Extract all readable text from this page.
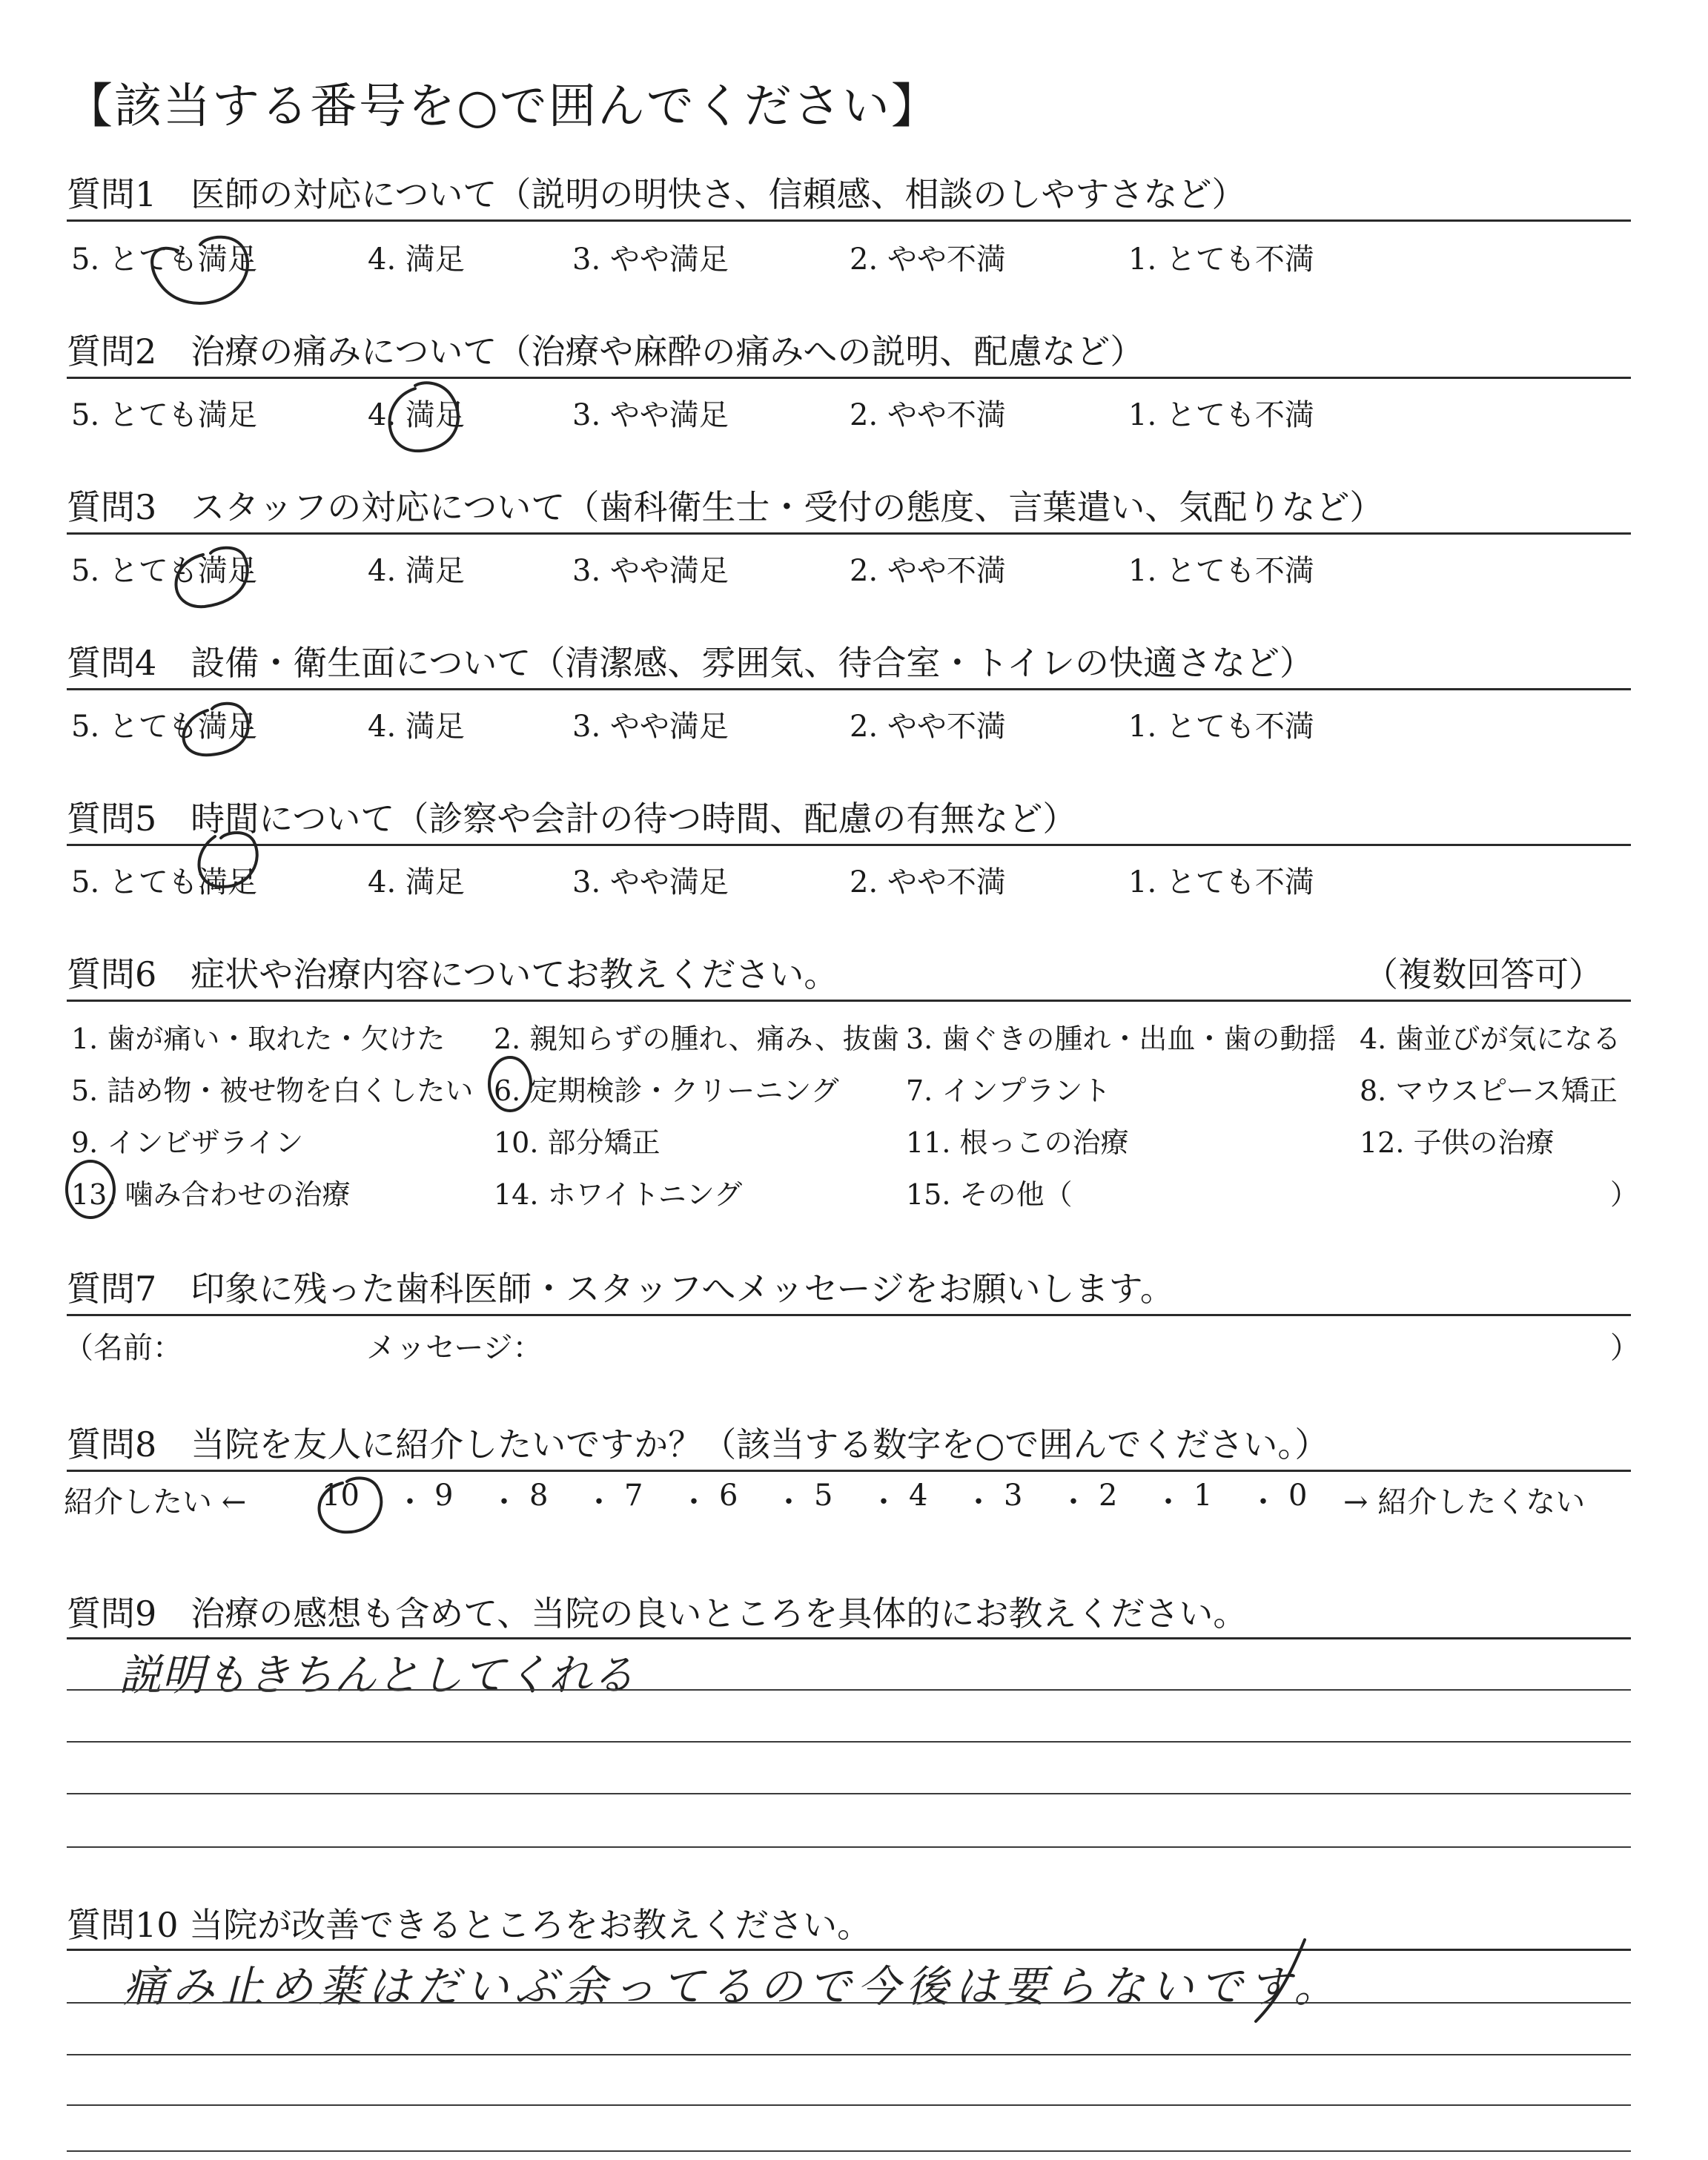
【該当する番号を○で囲んでください】
質問1　医師の対応について（説明の明快さ、信頼感、相談のしやすさなど）
5. とても満足	4. 満足	3. やや満足	2. やや不満	1. とても不満
質問2　治療の痛みについて（治療や麻酔の痛みへの説明、配慮など）
5. とても満足	4. 満足	3. やや満足	2. やや不満	1. とても不満
質問3　スタッフの対応について（歯科衛生士・受付の態度、言葉遣い、気配りなど）
5. とても満足	4. 満足	3. やや満足	2. やや不満	1. とても不満
質問4　設備・衛生面について（清潔感、雰囲気、待合室・トイレの快適さなど）
5. とても満足	4. 満足	3. やや満足	2. やや不満	1. とても不満
質問5　時間について（診察や会計の待つ時間、配慮の有無など）
5. とても満足	4. 満足	3. やや満足	2. やや不満	1. とても不満
質問6　症状や治療内容についてお教えください。	（複数回答可）
1. 歯が痛い・取れた・欠けた 2. 親知らずの腫れ、痛み、抜歯 3. 歯ぐきの腫れ・出血・歯の動揺 4. 歯並びが気になる
5. 詰め物・被せ物を白くしたい 6. 定期検診・クリーニング 7. インプラント	8. マウスピース矯正
9. インビザライン	10. 部分矯正	11. 根っこの治療	12. 子供の治療
13. 噛み合わせの治療	14. ホワイトニング	15. その他（	）
質問7　印象に残った歯科医師・スタッフへメッセージをお願いします。
（名前：	メッセージ：	）
質問8　当院を友人に紹介したいですか？（該当する数字を○で囲んでください。）
紹介したい ←	10 ・ 9 ・ 8 ・ 7 ・ 6 ・ 5 ・ 4 ・ 3 ・ 2 ・ 1 ・ 0 → 紹介したくない
質問9　治療の感想も含めて、当院の良いところを具体的にお教えください。
説明もきちんとしてくれる
質問10 当院が改善できるところをお教えください。
痛み止め薬はだいぶ余ってるので今後は要らないです。
